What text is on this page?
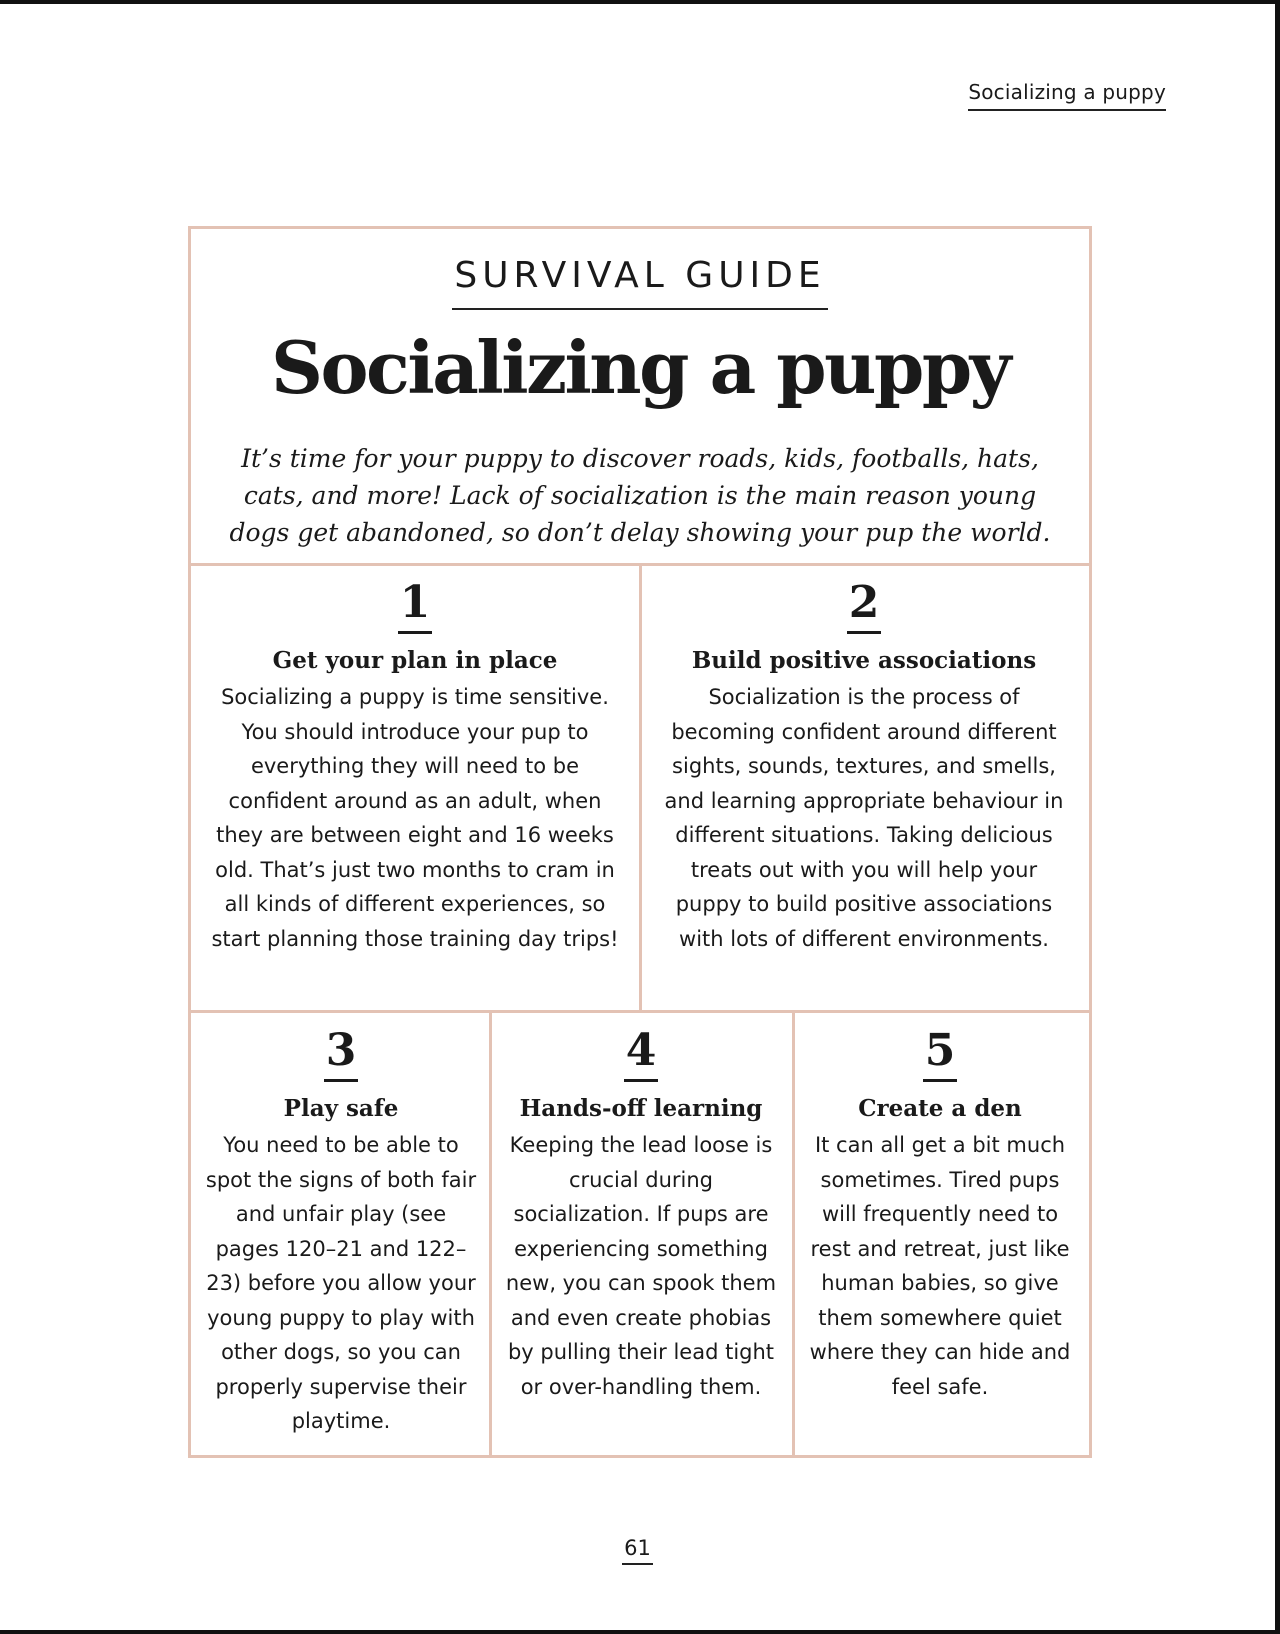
Socializing a puppy
SURVIVAL GUIDE
Socializing a puppy
It’s time for your puppy to discover roads, kids, footballs, hats, cats, and more! Lack of socialization is the main reason young dogs get abandoned, so don’t delay showing your pup the world.
1
Get your plan in place
Socializing a puppy is time sensitive. You should introduce your pup to everything they will need to be confident around as an adult, when they are between eight and 16 weeks old. That’s just two months to cram in all kinds of different experiences, so start planning those training day trips!
2
Build positive associations
Socialization is the process of becoming confident around different sights, sounds, textures, and smells, and learning appropriate behaviour in different situations. Taking delicious treats out with you will help your puppy to build positive associations with lots of different environments.
3
Play safe
You need to be able to spot the signs of both fair and unfair play (see pages 120–21 and 122–23) before you allow your young puppy to play with other dogs, so you can properly supervise their playtime.
4
Hands-off learning
Keeping the lead loose is crucial during socialization. If pups are experiencing something new, you can spook them and even create phobias by pulling their lead tight or over-handling them.
5
Create a den
It can all get a bit much sometimes. Tired pups will frequently need to rest and retreat, just like human babies, so give them somewhere quiet where they can hide and feel safe.
61
